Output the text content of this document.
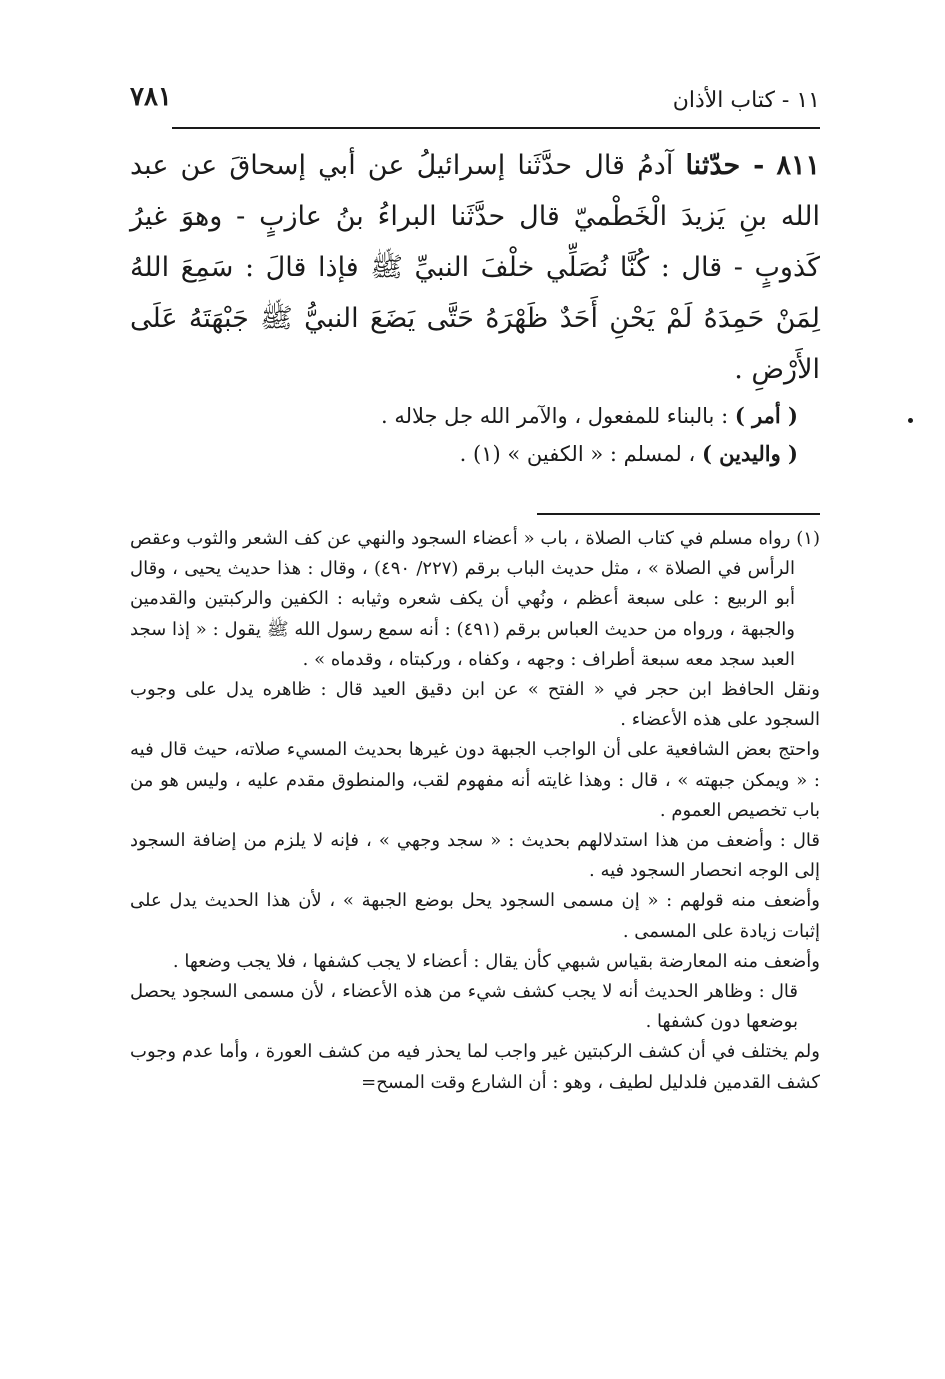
١١ - كتاب الأذان
٧٨١
٨١١ - حدّثنا آدمُ قال حدَّثَنا إسرائيلُ عن أبي إسحاقَ عن عبد الله بنِ يَزيدَ الْخَطْميّ قال حدَّثَنا البراءُ بنُ عازبٍ - وهوَ غيرُ كَذوبٍ - قال : كُنَّا نُصَلِّي خلْفَ النبيِّ ﷺ فإذا قالَ : سَمِعَ اللهُ لِمَنْ حَمِدَهُ لَمْ يَحْنِ أَحَدٌ ظَهْرَهُ حَتَّى يَضَعَ النبيُّ ﷺ جَبْهَتَهُ عَلَى الأَرْضِ .

( أمر ) : بالبناء للمفعول ، والآمر الله جل جلاله .

( واليدين ) ، لمسلم : « الكفين » (١) .

(١) رواه مسلم في كتاب الصلاة ، باب « أعضاء السجود والنهي عن كف الشعر والثوب وعقص الرأس في الصلاة » ، مثل حديث الباب برقم (٢٢٧/ ٤٩٠) ، وقال : هذا حديث يحيى ، وقال أبو الربيع : على سبعة أعظم ، ونُهي أن يكف شعره وثيابه : الكفين والركبتين والقدمين والجبهة ، ورواه من حديث العباس برقم (٤٩١) : أنه سمع رسول الله ﷺ يقول : « إذا سجد العبد سجد معه سبعة أطراف : وجهه ، وكفاه ، وركبتاه ، وقدماه » .

ونقل الحافظ ابن حجر في « الفتح » عن ابن دقيق العيد قال : ظاهره يدل على وجوب السجود على هذه الأعضاء .

واحتج بعض الشافعية على أن الواجب الجبهة دون غيرها بحديث المسيء صلاته، حيث قال فيه : « ويمكن جبهته » ، قال : وهذا غايته أنه مفهوم لقب، والمنطوق مقدم عليه ، وليس هو من باب تخصيص العموم .

قال : وأضعف من هذا استدلالهم بحديث : « سجد وجهي » ، فإنه لا يلزم من إضافة السجود إلى الوجه انحصار السجود فيه .

وأضعف منه قولهم : « إن مسمى السجود يحل بوضع الجبهة » ، لأن هذا الحديث يدل على إثبات زيادة على المسمى .

وأضعف منه المعارضة بقياس شبهي كأن يقال : أعضاء لا يجب كشفها ، فلا يجب وضعها .

قال : وظاهر الحديث أنه لا يجب كشف شيء من هذه الأعضاء ، لأن مسمى السجود يحصل بوضعها دون كشفها .

ولم يختلف في أن كشف الركبتين غير واجب لما يحذر فيه من كشف العورة ، وأما عدم وجوب كشف القدمين فلدليل لطيف ، وهو : أن الشارع وقت المسح=
